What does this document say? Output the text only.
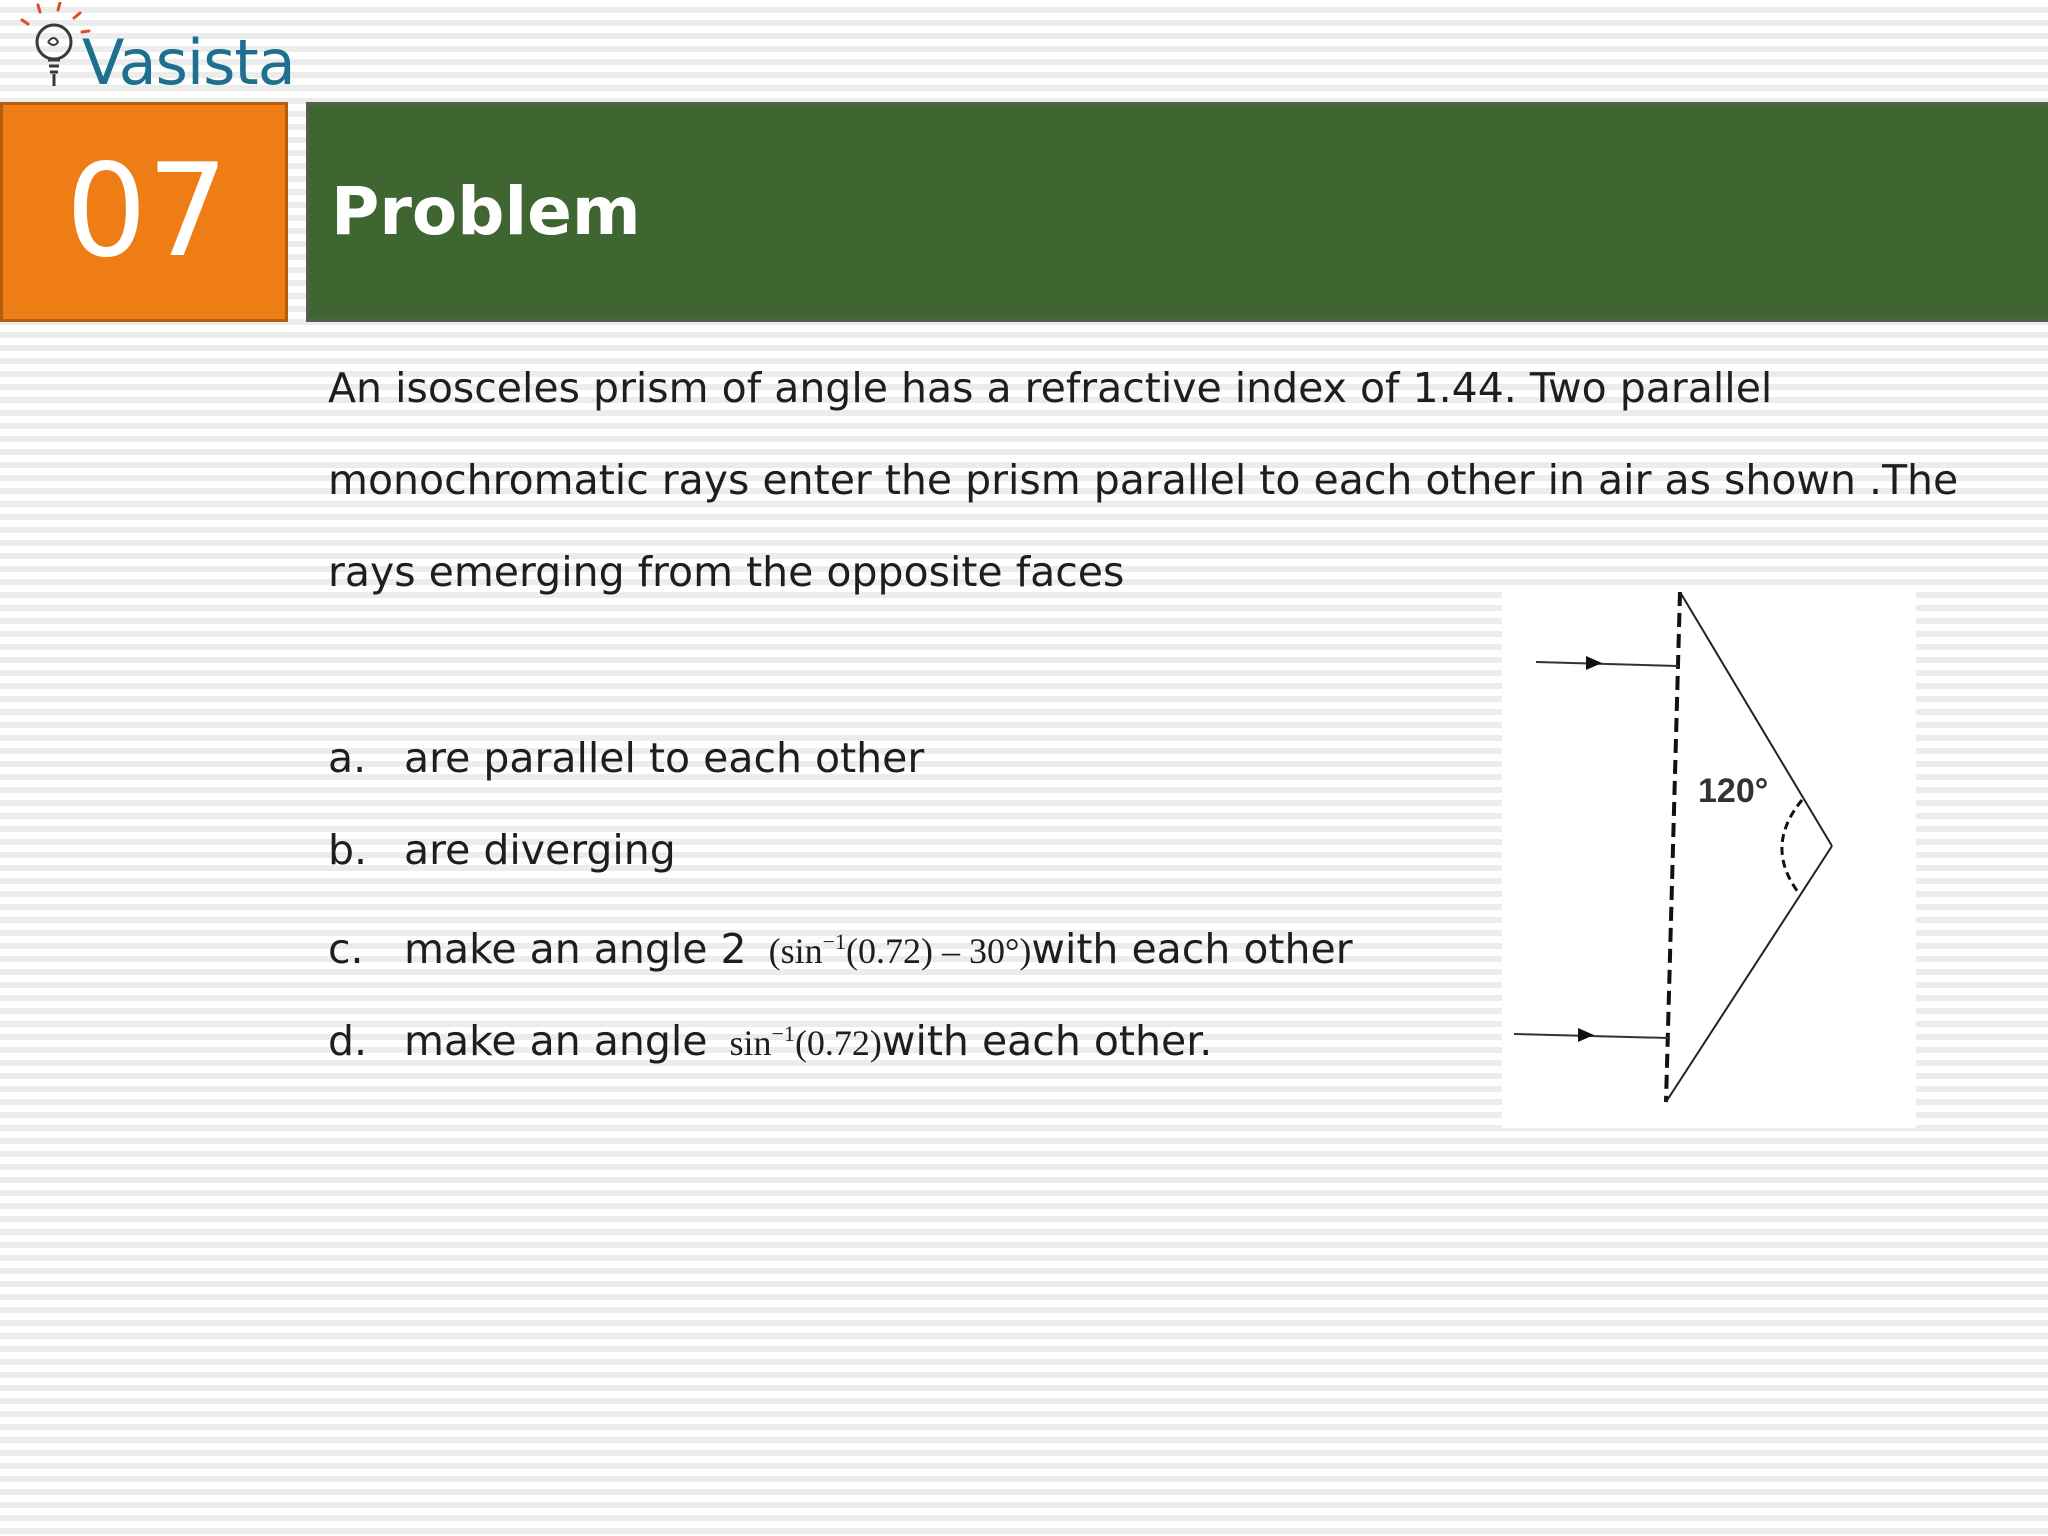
Vasista
07	Problem
An isosceles prism of angle has a refractive index of 1.44. Two parallel
monochromatic rays enter the prism parallel to each other in air as shown .The
rays emerging from the opposite faces
a. are parallel to each other
b. are diverging
c. make an angle 2 ($\sin^{-1}(0.72)$ – 30°)with each other
d. make an angle $\sin^{-1}(0.72)with$ each other.
120°
